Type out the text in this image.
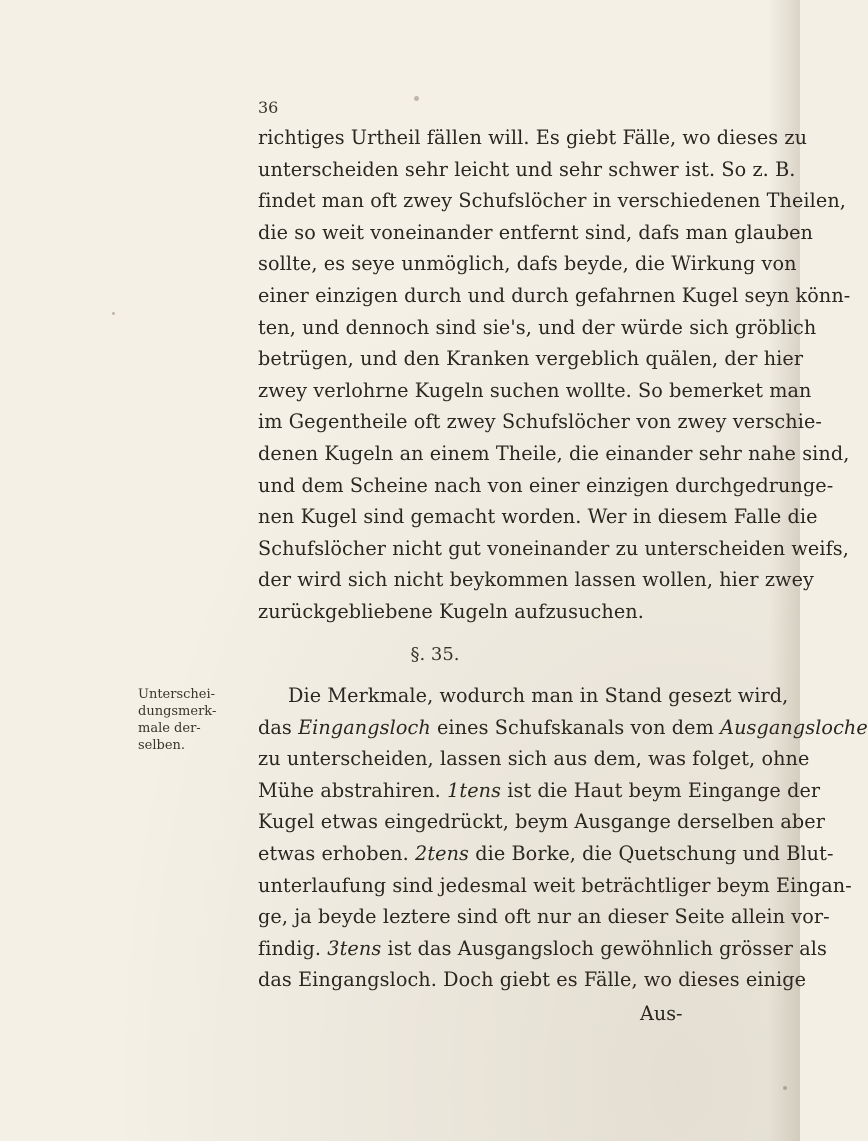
36
richtiges Urtheil fällen will. Es giebt Fälle, wo dieses zu
unterscheiden sehr leicht und sehr schwer ist. So z. B.
findet man oft zwey Schufslöcher in verschiedenen Theilen,
die so weit voneinander entfernt sind, dafs man glauben
sollte, es seye unmöglich, dafs beyde, die Wirkung von
einer einzigen durch und durch gefahrnen Kugel seyn könn-
ten, und dennoch sind sie's, und der würde sich gröblich
betrügen, und den Kranken vergeblich quälen, der hier
zwey verlohrne Kugeln suchen wollte. So bemerket man
im Gegentheile oft zwey Schufslöcher von zwey verschie-
denen Kugeln an einem Theile, die einander sehr nahe sind,
und dem Scheine nach von einer einzigen durchgedrunge-
nen Kugel sind gemacht worden. Wer in diesem Falle die
Schufslöcher nicht gut voneinander zu unterscheiden weifs,
der wird sich nicht beykommen lassen wollen, hier zwey
zurückgebliebene Kugeln aufzusuchen.
§. 35.
Unterschei-
dungsmerk-
male der-
selben.
Die Merkmale, wodurch man in Stand gesezt wird,
das Eingangsloch eines Schufskanals von dem Ausgangsloche
zu unterscheiden, lassen sich aus dem, was folget, ohne
Mühe abstrahiren. 1tens ist die Haut beym Eingange der
Kugel etwas eingedrückt, beym Ausgange derselben aber
etwas erhoben. 2tens die Borke, die Quetschung und Blut-
unterlaufung sind jedesmal weit beträchtliger beym Eingan-
ge, ja beyde leztere sind oft nur an dieser Seite allein vor-
findig. 3tens ist das Ausgangsloch gewöhnlich grösser als
das Eingangsloch. Doch giebt es Fälle, wo dieses einige
Aus-
